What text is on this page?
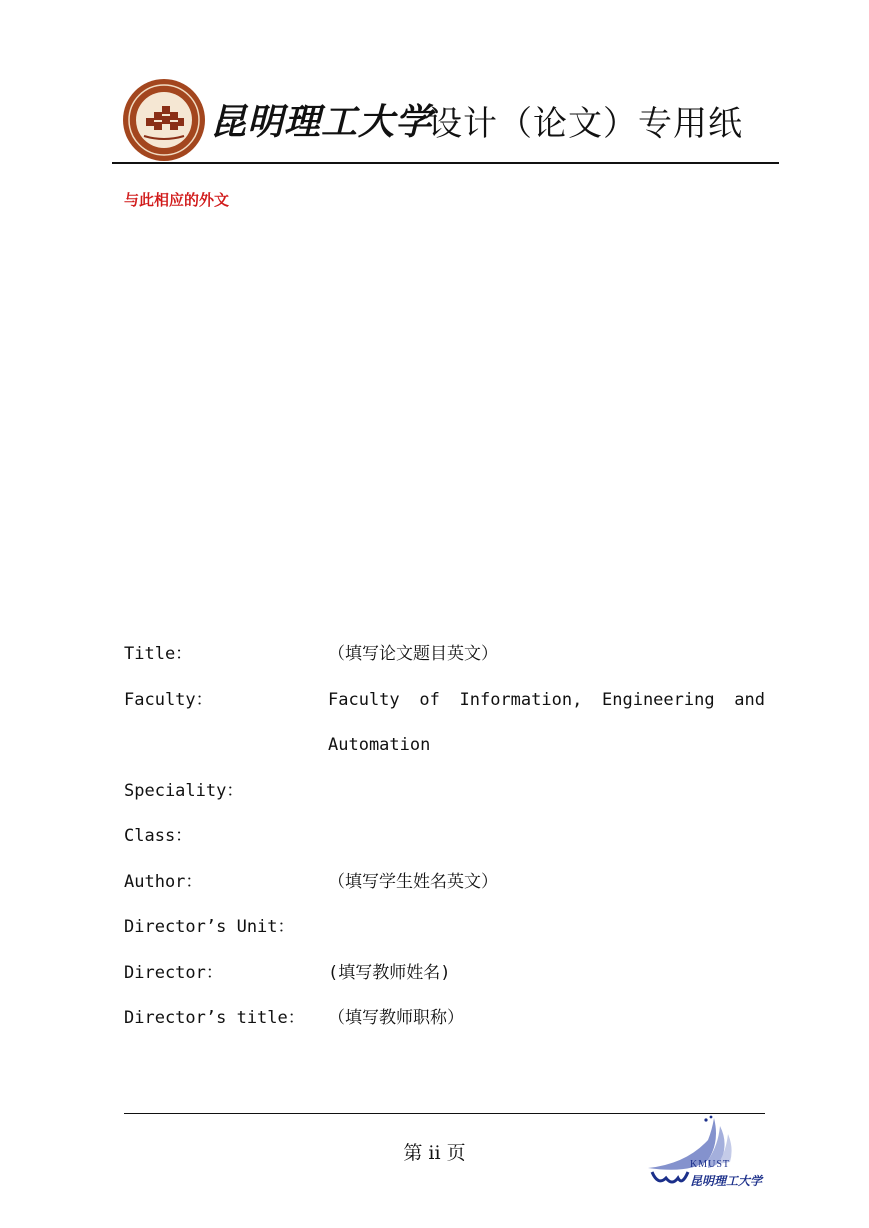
昆明理工大学
设计（论文）专用纸
与此相应的外文
Title：	（填写论文题目英文）
Faculty：	Faculty of Information, Engineering and Automation
Speciality：
Class：
Author：	（填写学生姓名英文）
Director’s Unit：
Director：	(填写教师姓名)
Director’s title：	（填写教师职称）
第 ii 页
KMUST
昆明理工大学
